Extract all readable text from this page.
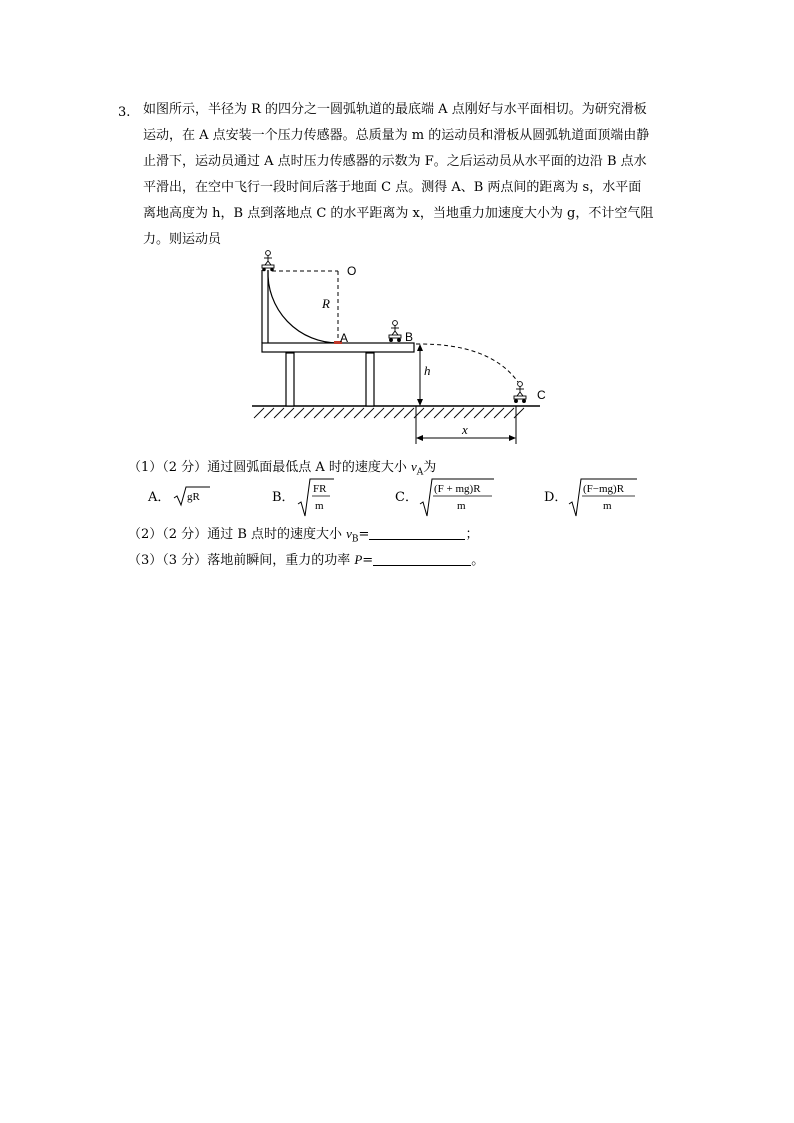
3. 如图所示，半径为 R 的四分之一圆弧轨道的最底端 A 点刚好与水平面相切。为研究滑板
运动，在 A 点安装一个压力传感器。总质量为 m 的运动员和滑板从圆弧轨道面顶端由静
止滑下，运动员通过 A 点时压力传感器的示数为 F。之后运动员从水平面的边沿 B 点水
平滑出，在空中飞行一段时间后落于地面 C 点。测得 A、B 两点间的距离为 s，水平面
离地高度为 h，B 点到落地点 C 的水平距离为 x，当地重力加速度大小为 g，不计空气阻
力。则运动员
O
R
A	B
h
C
x
（1）（2 分）通过圆弧面最低点 A 时的速度大小 $v_A$为
A． gR	B．
FR
m
C．
(F + mg)R
m
D．
(F−mg)R
m
（2）（2 分）通过 B 点时的速度大小 $v_B=$	；
（3）（3 分）落地前瞬间，重力的功率 P=	。
